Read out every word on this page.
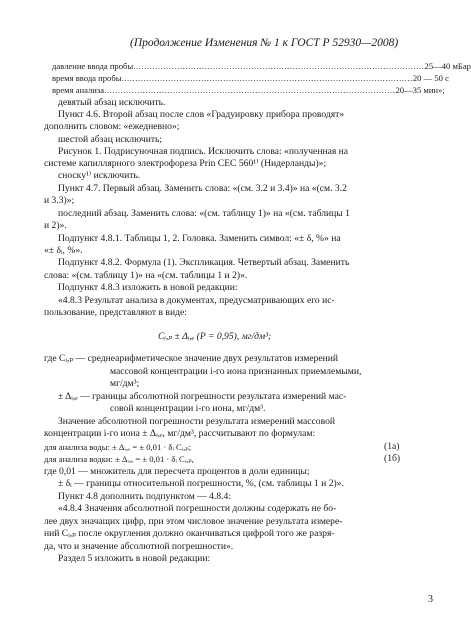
(Продолжение Изменения № 1 к ГОСТ Р 52930—2008)
давление ввода пробы .......................................................................................................... 25—40 мБар
время ввода пробы .......................................................................................................... 20 — 50 с
время анализа .......................................................................................................... 20—35 мин»;
девятый абзац исключить.
Пункт 4.6. Второй абзац после слов «Градуировку прибора проводят»
дополнить словом: «ежедневно»;
шестой абзац исключить;
Рисунок 1. Подрисуночная подпись. Исключить слова: «полученная на
системе капиллярного электрофореза Prin CEC 560¹⁾ (Нидерланды)»;
сноску¹⁾ исключить.
Пункт 4.7. Первый абзац. Заменить слова: «(см. 3.2 и 3.4)» на «(см. 3.2
и 3.3)»;
последний абзац. Заменить слова: «(см. таблицу 1)» на «(см. таблицы 1
и 2)».
Подпункт 4.8.1. Таблицы 1, 2. Головка. Заменить символ: «± δ, %» на
«± δᵢ, %».
Подпункт 4.8.2. Формула (1). Экспликация. Четвертый абзац. Заменить
слова: «(см. таблицу 1)» на «(см. таблицы 1 и 2)».
Подпункт 4.8.3 изложить в новой редакции:
«4.8.3 Результат анализа в документах, предусматривающих его ис-
пользование, представляют в виде:
Cᵢ,ₚ ± Δᵢ,ₑ (P = 0,95), мг/дм³;
где Cᵢ,ₚ — среднеарифметическое значение двух результатов измерений
массовой концентрации i-го иона признанных приемлемыми,
мг/дм³;
± Δᵢ,ₑ — границы абсолютной погрешности результата измерений мас-
совой концентрации i-го иона, мг/дм³.
Значение абсолютной погрешности результата измерений массовой
концентрации i-го иона ± Δᵢ,ₑ, мг/дм³, рассчитывают по формулам:
для анализа воды: ± Δᵢ,ₑ = ± 0,01 · δᵢ Cᵢ,ₚ;	(1а)
для анализа водки: ± Δᵢ,ₑ = ± 0,01 · δᵢ Cᵢ,ₚ,	(1б)
где 0,01 — множитель для пересчета процентов в доли единицы;
± δᵢ — границы относительной погрешности, %, (см. таблицы 1 и 2)».
Пункт 4.8 дополнить подпунктом — 4.8.4:
«4.8.4 Значения абсолютной погрешности должны содержать не бо-
лее двух значащих цифр, при этом числовое значение результата измере-
ний Cᵢ,ₚ после округления должно оканчиваться цифрой того же разря-
да, что и значение абсолютной погрешности».
Раздел 5 изложить в новой редакции:
3
